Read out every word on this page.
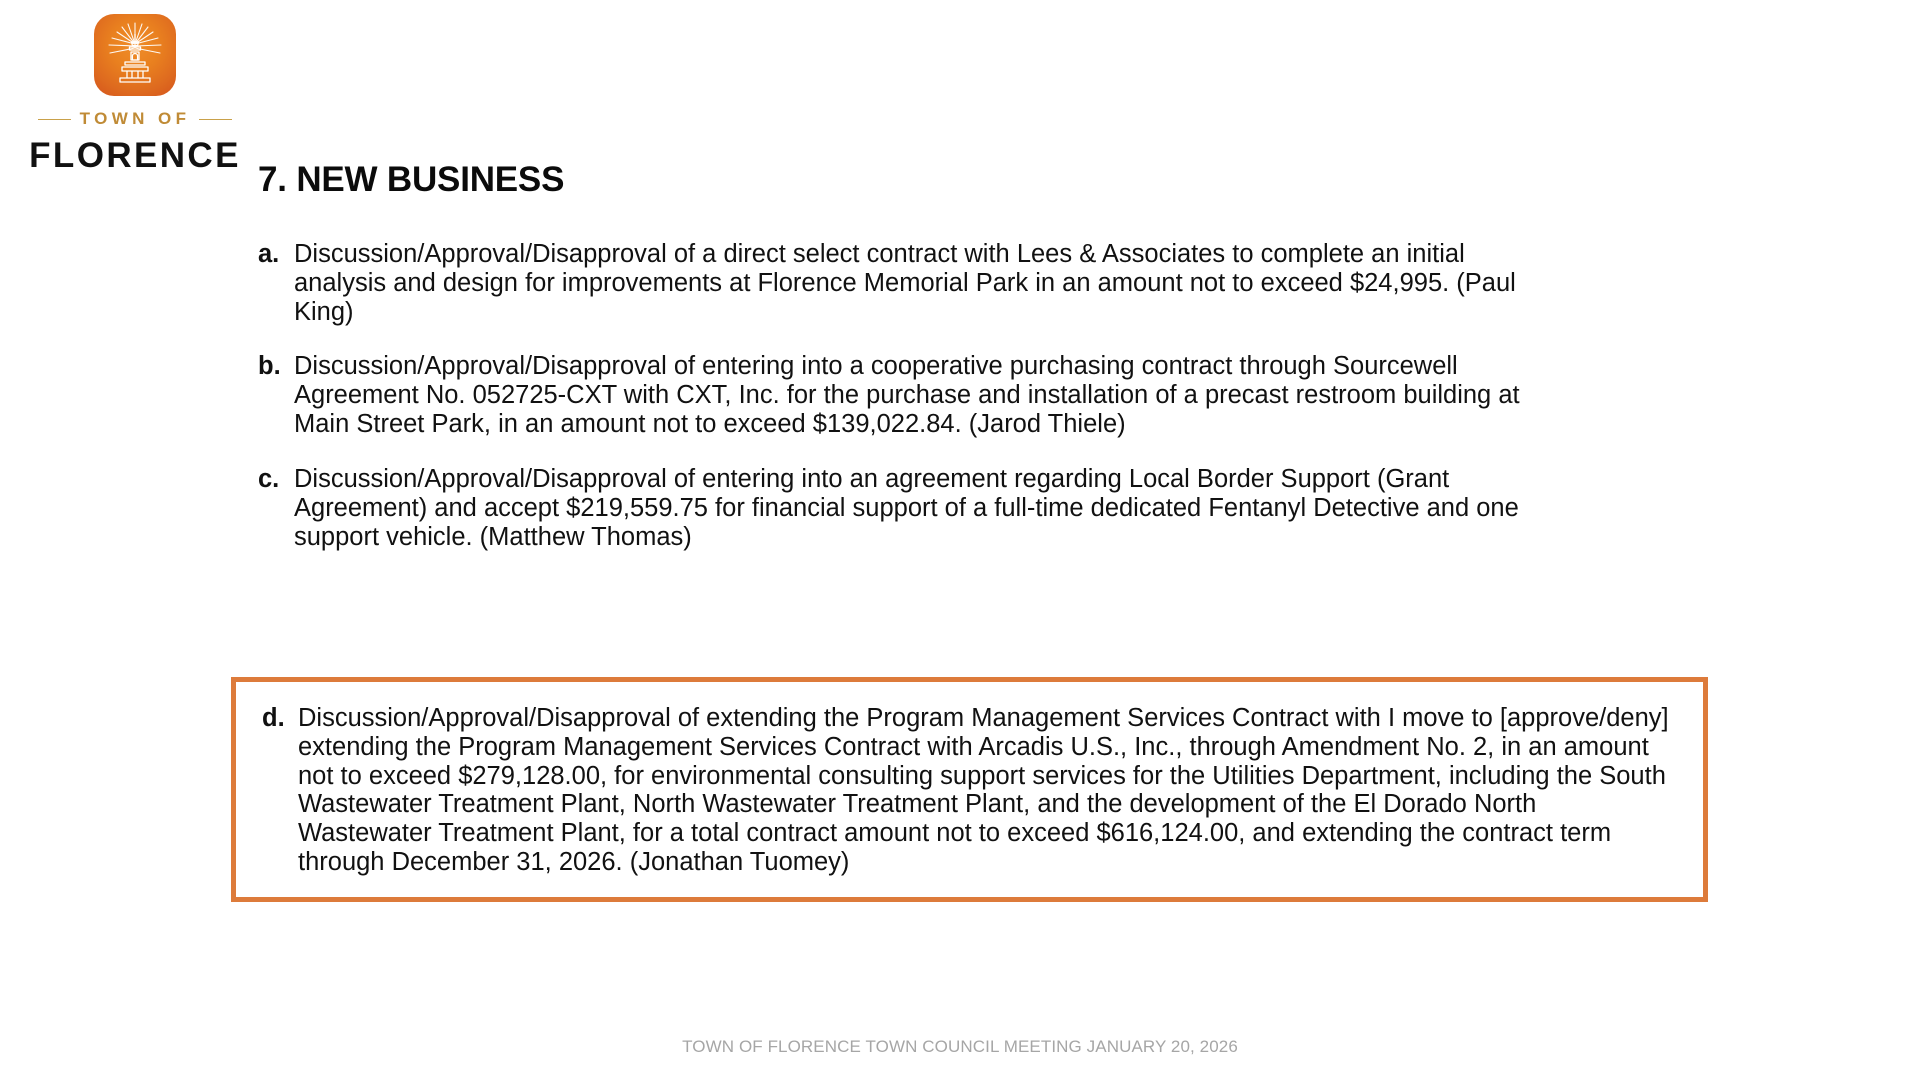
TOWN OF
FLORENCE
7. NEW BUSINESS
a. Discussion/Approval/Disapproval of a direct select contract with Lees & Associates to complete an initial analysis and design for improvements at Florence Memorial Park in an amount not to exceed $24,995. (Paul King)
b. Discussion/Approval/Disapproval of entering into a cooperative purchasing contract through Sourcewell Agreement No. 052725-CXT with CXT, Inc. for the purchase and installation of a precast restroom building at Main Street Park, in an amount not to exceed $139,022.84. (Jarod Thiele)
c. Discussion/Approval/Disapproval of entering into an agreement regarding Local Border Support (Grant Agreement) and accept $219,559.75 for financial support of a full-time dedicated Fentanyl Detective and one support vehicle. (Matthew Thomas)
d. Discussion/Approval/Disapproval of extending the Program Management Services Contract with I move to [approve/deny] extending the Program Management Services Contract with Arcadis U.S., Inc., through Amendment No. 2, in an amount not to exceed $279,128.00, for environmental consulting support services for the Utilities Department, including the South Wastewater Treatment Plant, North Wastewater Treatment Plant, and the development of the El Dorado North Wastewater Treatment Plant, for a total contract amount not to exceed $616,124.00, and extending the contract term through December 31, 2026. (Jonathan Tuomey)
TOWN OF FLORENCE TOWN COUNCIL MEETING JANUARY 20, 2026
